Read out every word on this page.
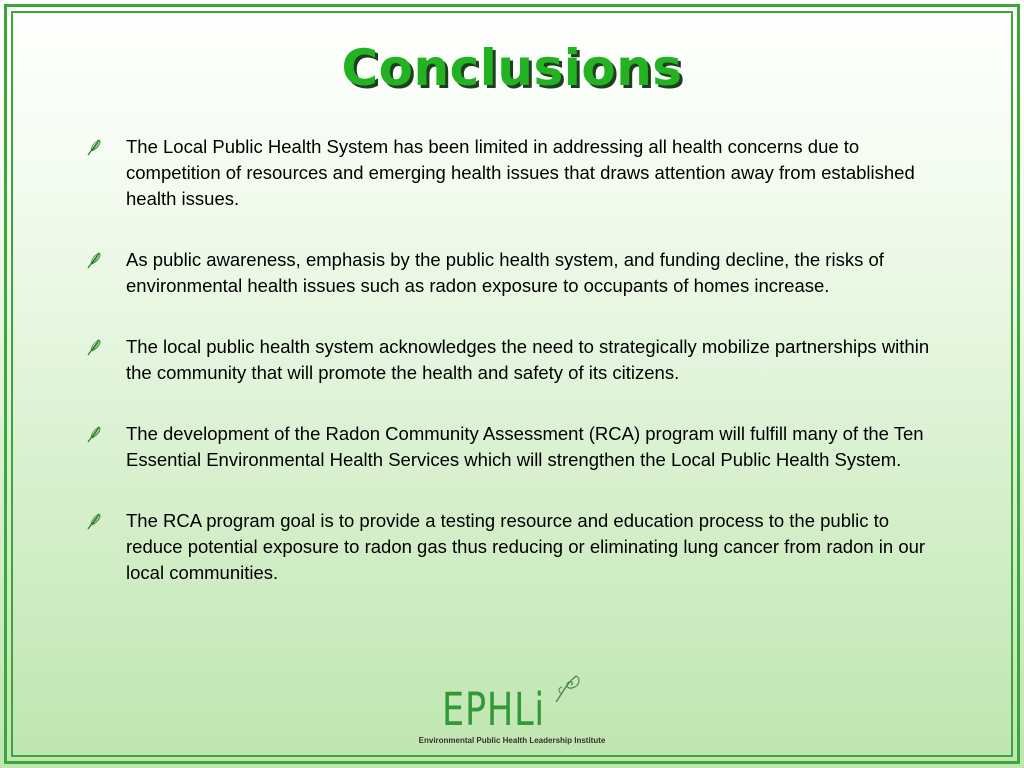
Conclusions
The Local Public Health System has been limited in addressing all health concerns due to competition of resources and emerging health issues that draws attention away from established health issues.
As public awareness, emphasis by the public health system, and funding decline, the risks of environmental health issues such as radon exposure to occupants of homes increase.
The local public health system acknowledges the need to strategically mobilize partnerships within the community that will promote the health and safety of its citizens.
The development of the Radon Community Assessment (RCA) program will fulfill many of the Ten Essential Environmental Health Services which will strengthen the Local Public Health System.
The RCA program goal is to provide a testing resource and education process to the public to reduce potential exposure to radon gas thus reducing or eliminating lung cancer from radon in our local communities.
EPHLi
Environmental Public Health Leadership Institute
